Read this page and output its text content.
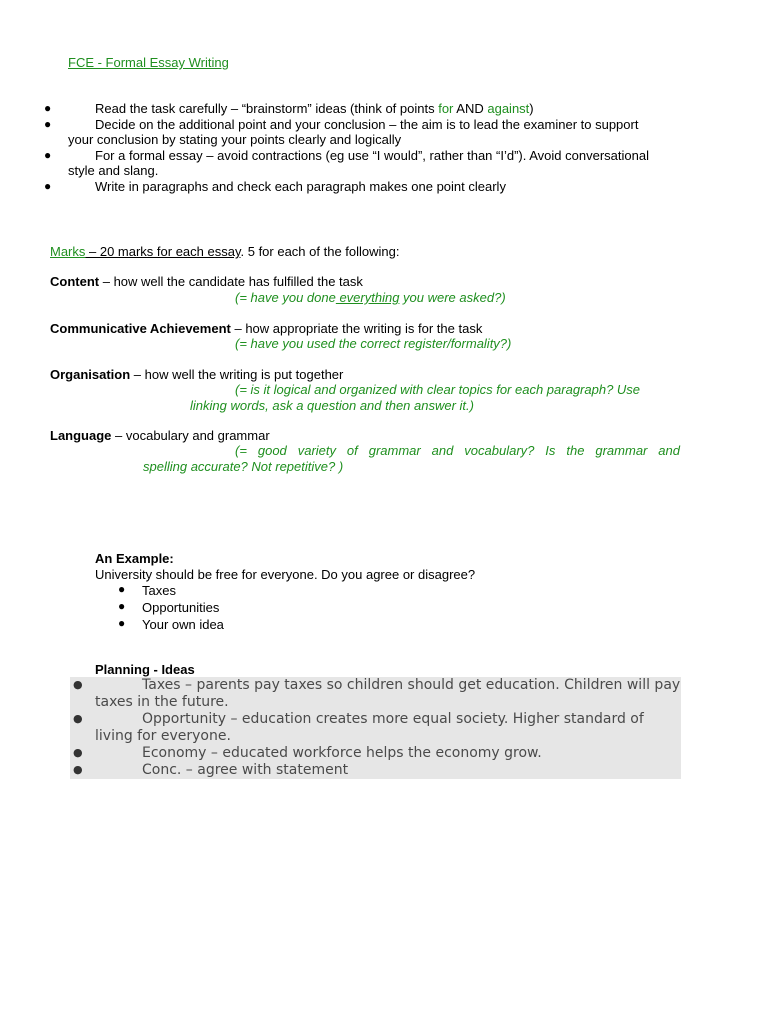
FCE - Formal Essay Writing
●	Read the task carefully – “brainstorm” ideas (think of points for AND against)
●	Decide on the additional point and your conclusion – the aim is to lead the examiner to support your conclusion by stating your points clearly and logically
●	For a formal essay – avoid contractions (eg use “I would”, rather than “I’d”). Avoid conversational style and slang.
●	Write in paragraphs and check each paragraph makes one point clearly
Marks – 20 marks for each essay. 5 for each of the following:
Content – how well the candidate has fulfilled the task
(= have you done everything you were asked?)
Communicative Achievement – how appropriate the writing is for the task
(= have you used the correct register/formality?)
Organisation – how well the writing is put together
(= is it logical and organized with clear topics for each paragraph? Use
linking words, ask a question and then answer it.)
Language – vocabulary and grammar
(= good variety of grammar and vocabulary? Is the grammar and
spelling accurate? Not repetitive? )
An Example:
University should be free for everyone. Do you agree or disagree?
● Taxes
● Opportunities
● Your own idea
Planning - Ideas
●	Taxes – parents pay taxes so children should get education. Children will pay taxes in the future.
●	Opportunity – education creates more equal society. Higher standard of living for everyone.
●	Economy – educated workforce helps the economy grow.
●	Conc. – agree with statement
